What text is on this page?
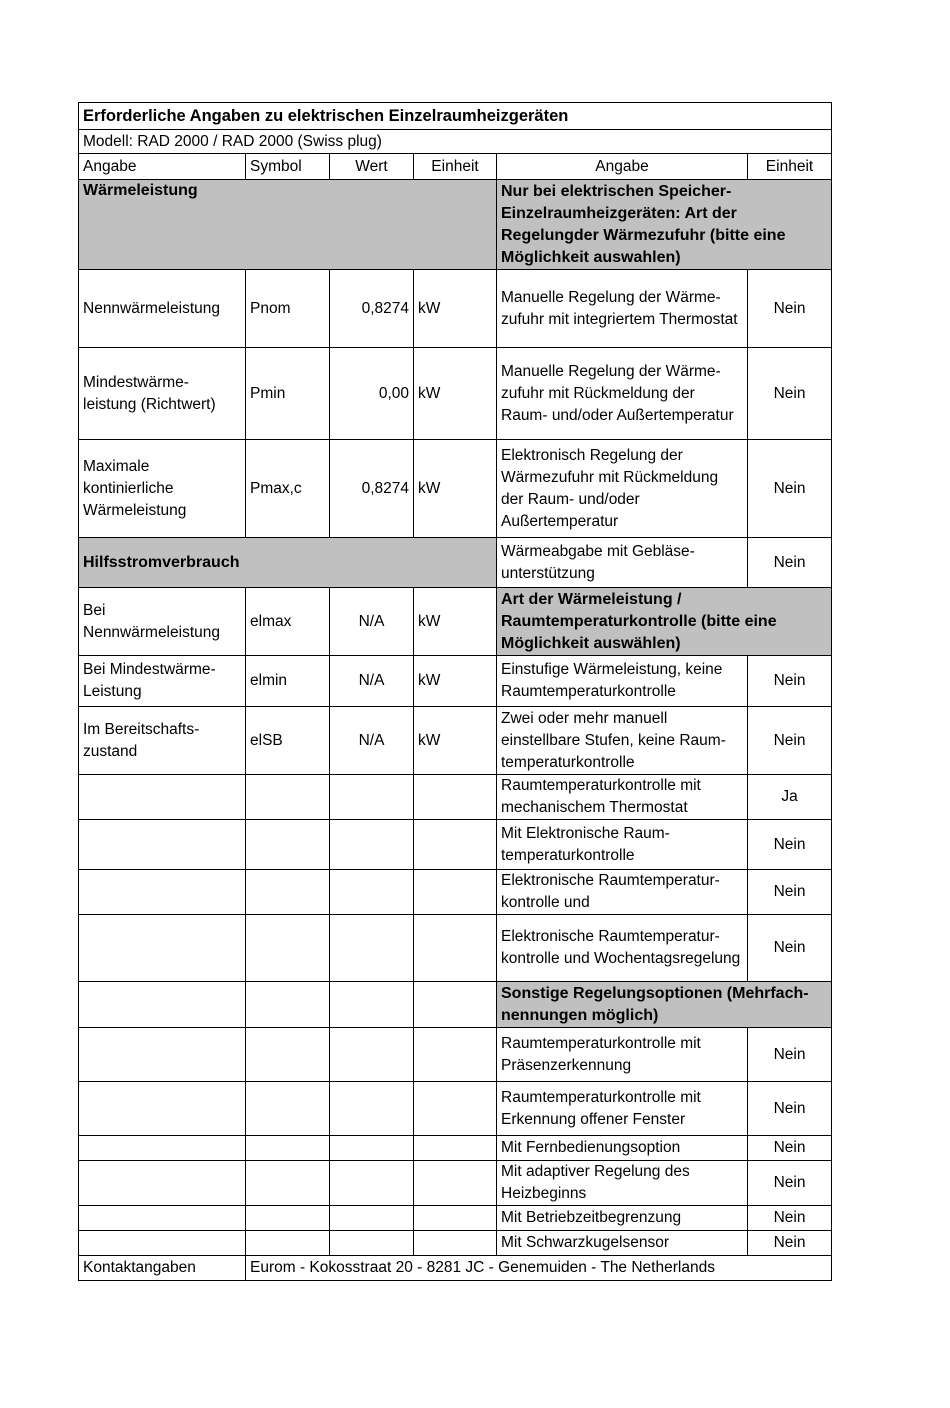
Erforderliche Angaben zu elektrischen Einzelraumheizgeräten					
Modell: RAD 2000 / RAD 2000 (Swiss plug)					
Angabe	Symbol	Wert	Einheit	Angabe	Einheit
Wärmeleistung				Nur bei elektrischen Speicher-Einzelraumheizgeräten: Art der Regelungder Wärmezufuhr (bitte eine Möglichkeit auswahlen)	
Nennwärmeleistung	Pnom	0,8274	kW	Manuelle Regelung der Wärme-zufuhr mit integriertem Thermostat	Nein
Mindestwärme-leistung (Richtwert)	Pmin	0,00	kW	Manuelle Regelung der Wärme-zufuhr mit Rückmeldung der Raum- und/oder Außertemperatur	Nein
Maximale kontinierliche Wärmeleistung	Pmax,c	0,8274	kW	Elektronisch Regelung der Wärmezufuhr mit Rückmeldung der Raum- und/oder Außertemperatur	Nein
Hilfsstromverbrauch				Wärmeabgabe mit Gebläse-unterstützung	Nein
Bei Nennwärmeleistung	elmax	N/A	kW	Art der Wärmeleistung / Raumtemperaturkontrolle (bitte eine Möglichkeit auswählen)	
Bei Mindestwärme-Leistung	elmin	N/A	kW	Einstufige Wärmeleistung, keine Raumtemperaturkontrolle	Nein
Im Bereitschafts-zustand	elSB	N/A	kW	Zwei oder mehr manuell einstellbare Stufen, keine Raum-temperaturkontrolle	Nein
				Raumtemperaturkontrolle mit mechanischem Thermostat	Ja
				Mit Elektronische Raum-temperaturkontrolle	Nein
				Elektronische Raumtemperatur-kontrolle und	Nein
				Elektronische Raumtemperatur-kontrolle und Wochentagsregelung	Nein
				Sonstige Regelungsoptionen (Mehrfach-nennungen möglich)	
				Raumtemperaturkontrolle mit Präsenzerkennung	Nein
				Raumtemperaturkontrolle mit Erkennung offener Fenster	Nein
				Mit Fernbedienungsoption	Nein
				Mit adaptiver Regelung des Heizbeginns	Nein
				Mit Betriebzeitbegrenzung	Nein
				Mit Schwarzkugelsensor	Nein
Kontaktangaben	Eurom - Kokosstraat 20 - 8281 JC - Genemuiden - The Netherlands				
